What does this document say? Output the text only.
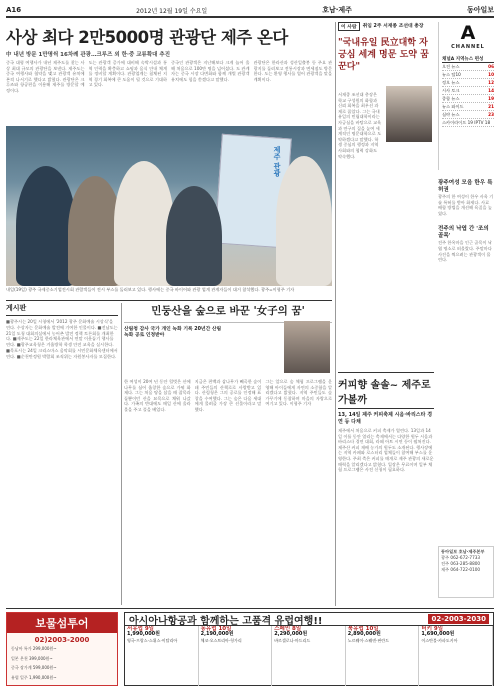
A16	2012년 12월 19일 수요일	호남·제주	동아일보
사상 최다 2만5000명 관광단 제주 온다
中 내년 방문 1만명씩 16차례 관광…크루즈 외 한·중 교류확대 추진
중국 대형 여행사가 내년 제주도를 찾는 사상 최대 규모의 관광단을 보낸다. 제주도는 중국 여행사와 협약을 맺고 관광객 유치에 본격 나서기로 했다고 밝혔다. 관광단은 크루즈와 항공편을 이용해 제주를 방문할 예정이다.
도는 관광객 증가에 대비해 숙박시설과 통역 인력을 확충하고 쇼핑과 음식 안내 체계를 정비할 계획이다. 관광업계는 침체된 지역 경기 회복에 큰 도움이 될 것으로 기대하고 있다.
중국인 관광객은 지난해보다 크게 늘어 올해 처음으로 100만 명을 넘어섰다. 도 관계자는 중국 시장 다변화와 함께 개별 관광객 유치에도 힘을 쏟겠다고 말했다.
관광단은 한라산과 성산일출봉 등 주요 관광지를 둘러보고 전통시장과 면세점도 방문한다. 도는 환영 행사를 열어 관광객을 맞을 계획이다.
제주 관광
내일(19일) 광주 국제중소기업전시회 관람객들이 전시 부스를 둘러보고 있다. 행사에는 중국 바이어와 관광 업계 관계자들이 대거 참석했다. 광주=이형주 기자
게시판
■광주시는 20일 시청에서 '2012 광주 문화예술 시상식'을 연다. 수상자는 문화예술 발전에 기여한 인물이다. ■전남도는 21일 도청 대회의실에서 농어촌 발전 정책 토론회를 개최한다. ■제주도는 22일 한라체육관에서 연말 이웃돕기 행사를 연다. ■광주교육청은 겨울방학 학생 안전 교육을 실시한다. ■목포시는 24일 크리스마스 음악회를 시민문화체육센터에서 연다. ■순천만정원 박람회 조직위는 자원봉사자를 모집한다.
민둥산을 숲으로 바꾼 '女子의 꿈'
산림청 감사 국가 개인 녹화 기록 20년간 산림녹화 공로 인정받아
한 여성이 20여 년 동안 헐벗은 산에 나무를 심어 울창한 숲으로 가꿔 화제다. 그는 처음 땅을 샀을 때 잡목과 돌뿐이던 산을 묘목으로 채워 나갔다. 가족의 반대에도 매일 산에 올라 물을 주고 풀을 베었다.
지금은 편백과 삼나무가 빼곡한 숲이 돼 주민들의 산책로로 사랑받고 있다. 산림청은 그의 공로를 인정해 표창을 수여했다. 그는 숲은 다음 세대에게 물려줄 가장 큰 선물이라고 말했다.
그는 앞으로 숲 체험 프로그램을 운영해 아이들에게 자연의 소중함을 알리겠다고 밝혔다. 지역 주민들도 숲 가꾸기에 동참하며 마을의 자랑으로 여기고 있다. 이형주 기자
이 사람	취임 2주 서재종 조선대 총장
"국내유일 民立대학 자긍심 세계 명문 도약 꿈꾼다"
서재종 조선대 총장은 학교 구성원의 화합과 신뢰 회복을 최우선 과제로 꼽았다. 그는 국내 유일의 민립대학이라는 자긍심을 바탕으로 교육과 연구의 질을 높여 세계적인 명문대학으로 도약하겠다고 말했다. 학생 중심의 행정과 지역사회와의 협력 강화도 약속했다.
커피향 솔솔~ 제주로 가볼까
13, 14일 제주 커피축제 시음·바리스타 경연 등 다채
제주에서 처음으로 커피 축제가 열린다. 13일과 14일 이틀 동안 열리는 축제에서는 다양한 원두 시음과 바리스타 경연 대회, 라떼 아트 시연 등이 펼쳐진다. 제주산 커피 재배 농가의 원두도 소개된다. 행사장에는 지역 카페와 로스터리 업체들이 참여해 부스를 운영한다. 주최 측은 커피를 매개로 제주 관광의 새로운 매력을 알리겠다고 밝혔다. 입장은 무료이며 일부 체험 프로그램은 사전 신청이 필요하다.
A
CHANNEL
채널A 지역뉴스 편성
오전 뉴스	06
뉴스 탑10	10
정오 뉴스	12
시사 토크	14
종합 뉴스	19
뉴스 와이드	21
심야 뉴스	23
스카이라이프 19 IPTV 18
광주여성 모음 한우 특허권
광주의 한 여성이 한우 사육 기술 특허를 받아 화제다. 사료 배합 방법을 개선해 육질을 높였다.
전주의 낙엽 간 '조의 골목'
전주 한옥마을 인근 골목이 낙엽 명소로 떠올랐다. 주말마다 사진을 찍으려는 관광객이 몰린다.
동아일보 호남·제주본부
광주 062-672-7733
전주 063-285-8800
제주 064-722-0100
보물섬투어
02)2003-2000
동남아 특가 299,000원~
일본 온천 399,000원~
중국 장가계 599,000원~
유럽 일주 1,990,000원~
아시아나항공과 함께하는 고품격 유럽여행!!	02-2003-2030
서유럽 9일
1,990,000원
영국·프랑스·스위스·이탈리아
동유럽 10일
2,190,000원
체코·오스트리아·헝가리
스페인 8일
2,290,000원
바르셀로나·마드리드
북유럽 10일
2,890,000원
노르웨이·스웨덴·핀란드
터키 9일
1,690,000원
이스탄불·카파도키아
